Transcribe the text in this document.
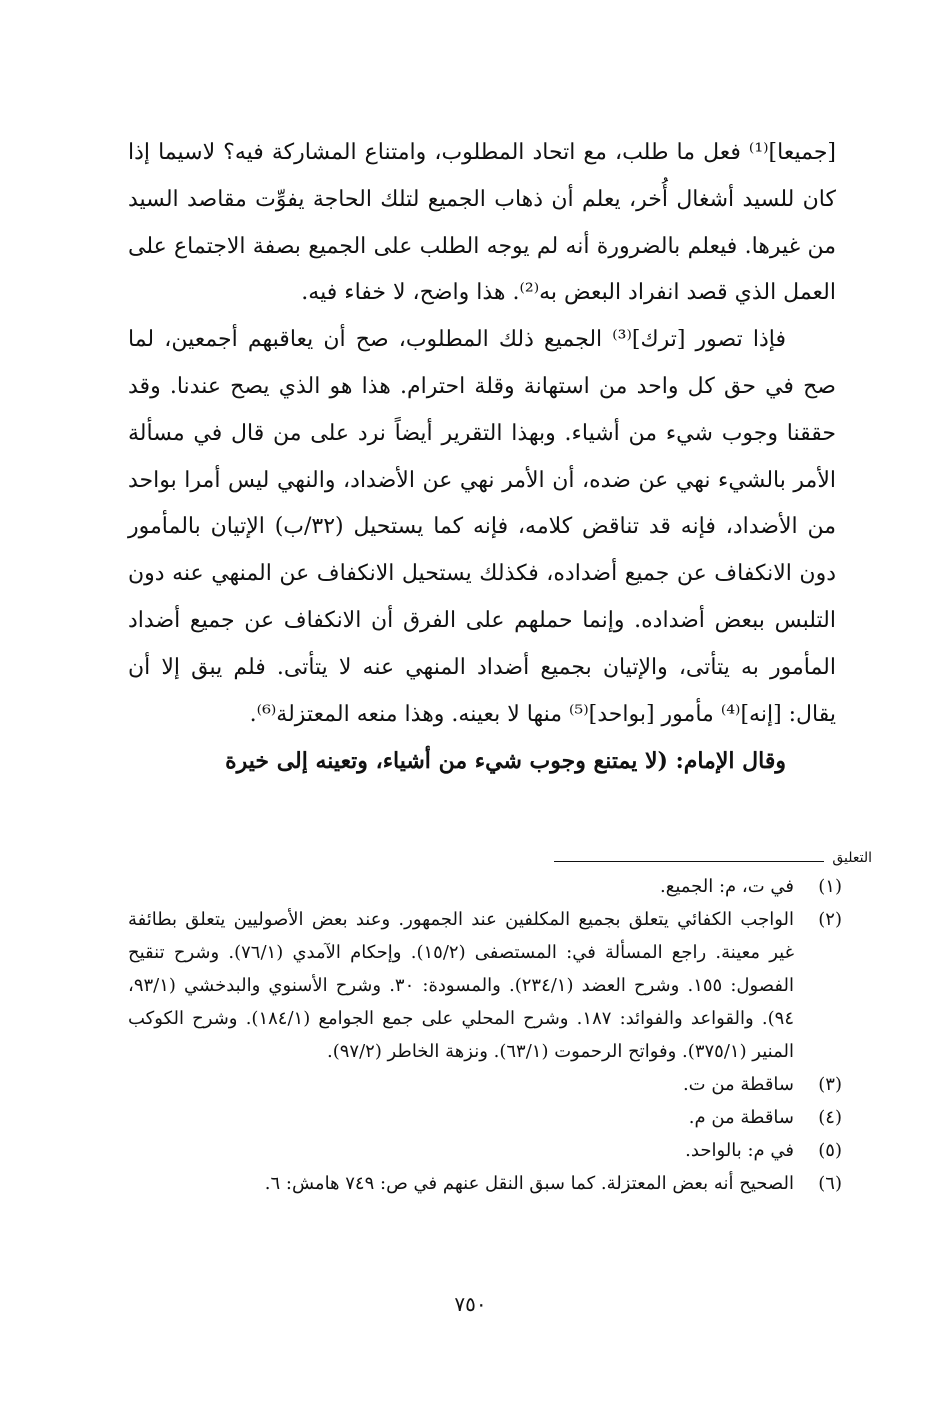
[جميعا]⁽¹⁾ فعل ما طلب، مع اتحاد المطلوب، وامتناع المشاركة فيه؟ لاسيما إذا كان للسيد أشغال أُخر، يعلم أن ذهاب الجميع لتلك الحاجة يفوِّت مقاصد السيد من غيرها. فيعلم بالضرورة أنه لم يوجه الطلب على الجميع بصفة الاجتماع على العمل الذي قصد انفراد البعض به⁽²⁾. هذا واضح، لا خفاء فيه.

فإذا تصور [ترك]⁽³⁾ الجميع ذلك المطلوب، صح أن يعاقبهم أجمعين، لما صح في حق كل واحد من استهانة وقلة احترام. هذا هو الذي يصح عندنا. وقد حققنا وجوب شيء من أشياء. وبهذا التقرير أيضاً نرد على من قال في مسألة الأمر بالشيء نهي عن ضده، أن الأمر نهي عن الأضداد، والنهي ليس أمرا بواحد من الأضداد، فإنه قد تناقض كلامه، فإنه كما يستحيل (٣٢/ب) الإتيان بالمأمور دون الانكفاف عن جميع أضداده، فكذلك يستحيل الانكفاف عن المنهي عنه دون التلبس ببعض أضداده. وإنما حملهم على الفرق أن الانكفاف عن جميع أضداد المأمور به يتأتى، والإتيان بجميع أضداد المنهي عنه لا يتأتى. فلم يبق إلا أن يقال: [إنه]⁽⁴⁾ مأمور [بواحد]⁽⁵⁾ منها لا بعينه. وهذا منعه المعتزلة⁽⁶⁾.

وقال الإمام: (لا يمتنع وجوب شيء من أشياء، وتعينه إلى خيرة

التعليق
(١)
في ت، م: الجميع.
(٢)
الواجب الكفائي يتعلق بجميع المكلفين عند الجمهور. وعند بعض الأصوليين يتعلق بطائفة غير معينة. راجع المسألة في: المستصفى (١٥/٢). وإحكام الآمدي (٧٦/١). وشرح تنقيح الفصول: ١٥٥. وشرح العضد (٢٣٤/١). والمسودة: ٣٠. وشرح الأسنوي والبدخشي (٩٣/١، ٩٤). والقواعد والفوائد: ١٨٧. وشرح المحلي على جمع الجوامع (١٨٤/١). وشرح الكوكب المنير (٣٧٥/١). وفواتح الرحموت (٦٣/١). ونزهة الخاطر (٩٧/٢).
(٣)
ساقطة من ت.
(٤)
ساقطة من م.
(٥)
في م: بالواحد.
(٦)
الصحيح أنه بعض المعتزلة. كما سبق النقل عنهم في ص: ٧٤٩ هامش: ٦.
٧٥٠
